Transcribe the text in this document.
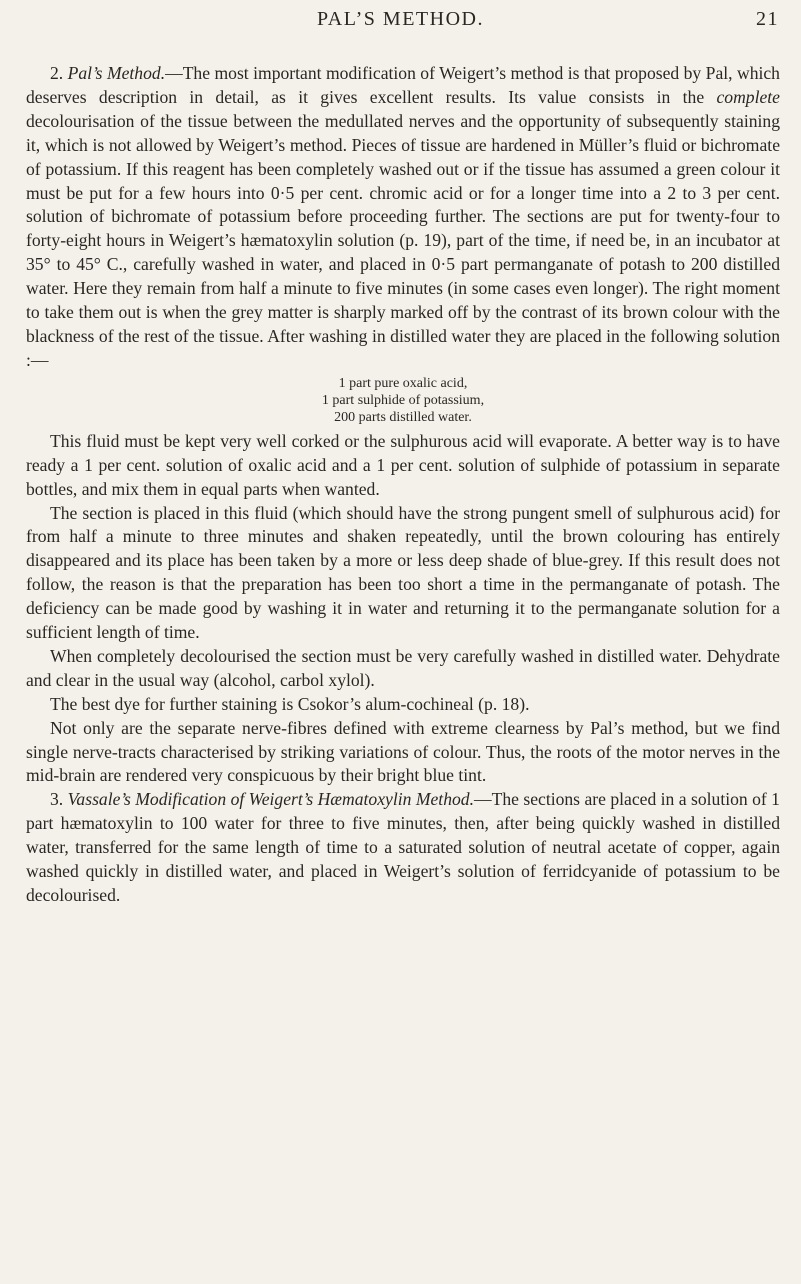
PAL’S METHOD.	21

2. Pal’s Method.—The most important modification of Weigert’s method is that proposed by Pal, which deserves description in detail, as it gives excellent results. Its value consists in the complete decolourisation of the tissue between the medullated nerves and the opportunity of subsequently staining it, which is not allowed by Weigert’s method. Pieces of tissue are hardened in Müller’s fluid or bichromate of potassium. If this reagent has been completely washed out or if the tissue has assumed a green colour it must be put for a few hours into 0·5 per cent. chromic acid or for a longer time into a 2 to 3 per cent. solution of bichromate of potassium before proceeding further. The sections are put for twenty-four to forty-eight hours in Weigert’s hæmatoxylin solution (p. 19), part of the time, if need be, in an incubator at 35° to 45° C., carefully washed in water, and placed in 0·5 part permanganate of potash to 200 distilled water. Here they remain from half a minute to five minutes (in some cases even longer). The right moment to take them out is when the grey matter is sharply marked off by the contrast of its brown colour with the blackness of the rest of the tissue. After washing in distilled water they are placed in the following solution :—

1 part pure oxalic acid,
1 part sulphide of potassium,
200 parts distilled water.

This fluid must be kept very well corked or the sulphurous acid will evaporate. A better way is to have ready a 1 per cent. solution of oxalic acid and a 1 per cent. solution of sulphide of potassium in separate bottles, and mix them in equal parts when wanted.

The section is placed in this fluid (which should have the strong pungent smell of sulphurous acid) for from half a minute to three minutes and shaken repeatedly, until the brown colouring has entirely disappeared and its place has been taken by a more or less deep shade of blue-grey. If this result does not follow, the reason is that the preparation has been too short a time in the permanganate of potash. The deficiency can be made good by washing it in water and returning it to the permanganate solution for a sufficient length of time.

When completely decolourised the section must be very carefully washed in distilled water. Dehydrate and clear in the usual way (alcohol, carbol xylol).

The best dye for further staining is Csokor’s alum-cochineal (p. 18).

Not only are the separate nerve-fibres defined with extreme clearness by Pal’s method, but we find single nerve-tracts characterised by striking variations of colour. Thus, the roots of the motor nerves in the mid-brain are rendered very conspicuous by their bright blue tint.

3. Vassale’s Modification of Weigert’s Hæmatoxylin Method.—The sections are placed in a solution of 1 part hæmatoxylin to 100 water for three to five minutes, then, after being quickly washed in distilled water, transferred for the same length of time to a saturated solution of neutral acetate of copper, again washed quickly in distilled water, and placed in Weigert’s solution of ferridcyanide of potassium to be decolourised.
